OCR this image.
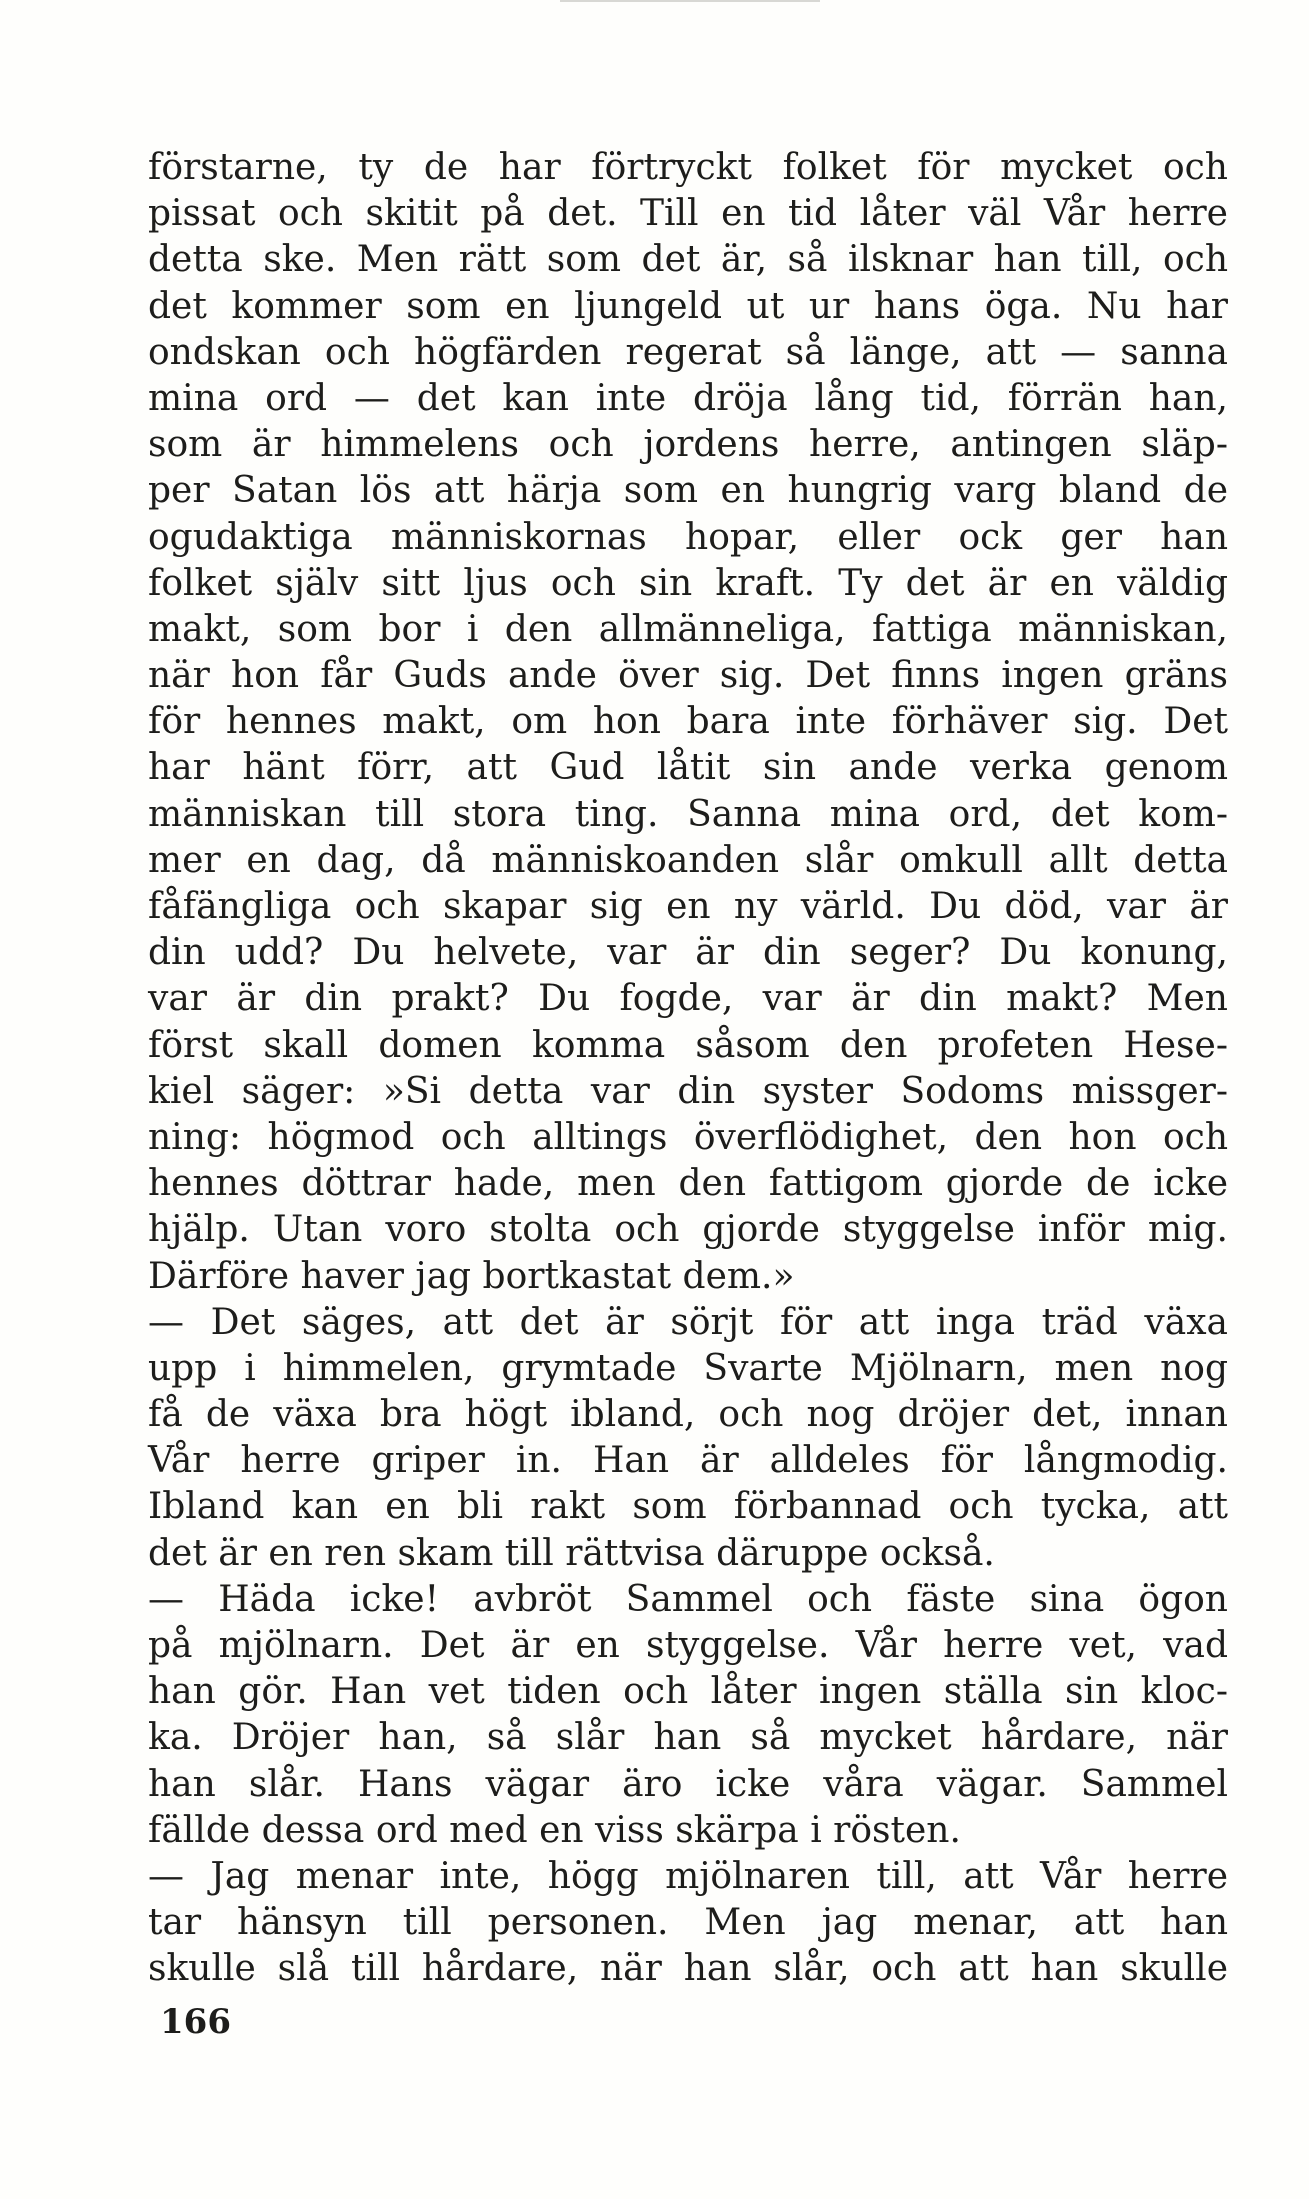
förstarne, ty de har förtryckt folket för mycket och
pissat och skitit på det. Till en tid låter väl Vår herre
detta ske. Men rätt som det är, så ilsknar han till, och
det kommer som en ljungeld ut ur hans öga. Nu har
ondskan och högfärden regerat så länge, att — sanna
mina ord — det kan inte dröja lång tid, förrän han,
som är himmelens och jordens herre, antingen släp-
per Satan lös att härja som en hungrig varg bland de
ogudaktiga människornas hopar, eller ock ger han
folket själv sitt ljus och sin kraft. Ty det är en väldig
makt, som bor i den allmänneliga, fattiga människan,
när hon får Guds ande över sig. Det finns ingen gräns
för hennes makt, om hon bara inte förhäver sig. Det
har hänt förr, att Gud låtit sin ande verka genom
människan till stora ting. Sanna mina ord, det kom-
mer en dag, då människoanden slår omkull allt detta
fåfängliga och skapar sig en ny värld. Du död, var är
din udd? Du helvete, var är din seger? Du konung,
var är din prakt? Du fogde, var är din makt? Men
först skall domen komma såsom den profeten Hese-
kiel säger: »Si detta var din syster Sodoms missger-
ning: högmod och alltings överflödighet, den hon och
hennes döttrar hade, men den fattigom gjorde de icke
hjälp. Utan voro stolta och gjorde styggelse inför mig.
Därföre haver jag bortkastat dem.»
— Det säges, att det är sörjt för att inga träd växa
upp i himmelen, grymtade Svarte Mjölnarn, men nog
få de växa bra högt ibland, och nog dröjer det, innan
Vår herre griper in. Han är alldeles för långmodig.
Ibland kan en bli rakt som förbannad och tycka, att
det är en ren skam till rättvisa däruppe också.
— Häda icke! avbröt Sammel och fäste sina ögon
på mjölnarn. Det är en styggelse. Vår herre vet, vad
han gör. Han vet tiden och låter ingen ställa sin kloc-
ka. Dröjer han, så slår han så mycket hårdare, när
han slår. Hans vägar äro icke våra vägar. Sammel
fällde dessa ord med en viss skärpa i rösten.
— Jag menar inte, högg mjölnaren till, att Vår herre
tar hänsyn till personen. Men jag menar, att han
skulle slå till hårdare, när han slår, och att han skulle
166
